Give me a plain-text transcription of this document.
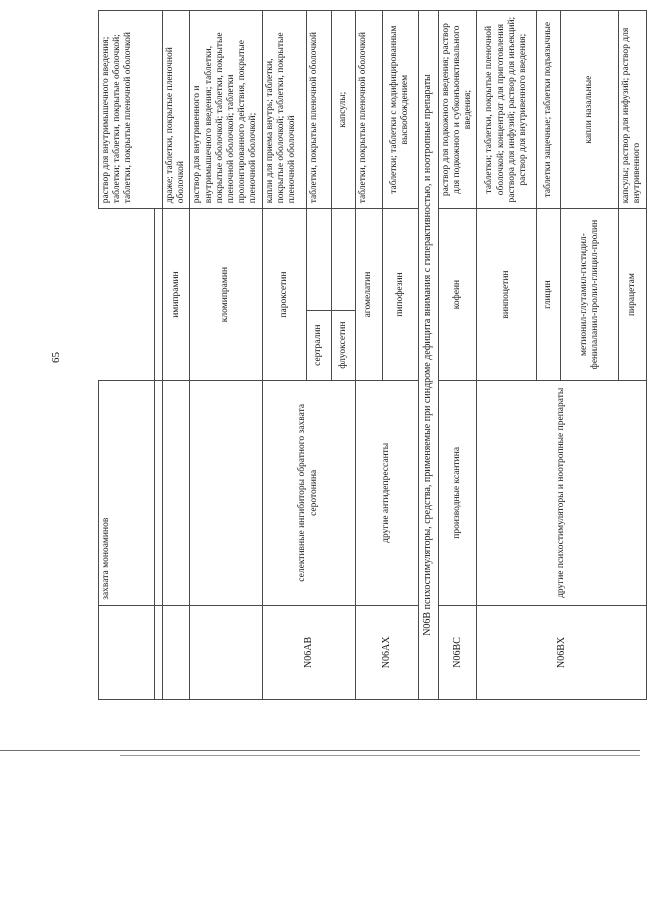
65
	захвата моноаминов			раствор для внутримышечного введения; таблетки; таблетки, покрытые оболочкой; таблетки, покрытые пленочной оболочкой

		имипрамин		драже; таблетки, покрытые пленочной оболочкой
		кломипрамин		раствор для внутривенного и внутримышечного введения; таблетки, покрытые оболочкой; таблетки, покрытые пленочной оболочкой; таблетки пролонгированного действия, покрытые пленочной оболочкой;
N06AB	селективные ингибиторы обратного захвата серотонина	пароксетин		капли для приема внутрь; таблетки, покрытые оболочкой; таблетки, покрытые пленочной оболочкой
		сертралин		таблетки, покрытые пленочной оболочкой
		флуоксетин		капсулы;
N06AX	другие антидепрессанты	агомелатин		таблетки, покрытые пленочной оболочкой
		пипофезин		таблетки; таблетки с модифицированным высвобождением
N06B психостимуляторы, средства, применяемые при синдроме дефицита внимания с гиперактивностью, и ноотропные препараты				
N06BC	производные ксантина	кофеин		раствор для подкожного введения; раствор для подкожного и субконъюнктивального введения;
N06BX	другие психостимуляторы и ноотропные препараты	винпоцетин		таблетки; таблетки, покрытые пленочной оболочкой; концентрат для приготовления раствора для инфузий; раствор для инъекций; раствор для внутривенного введения;
		глицин		таблетки защечные; таблетки подъязычные
		метионил-глутамил-гистидил-фенилаланил-пролил-глицил-пролин		капли назальные
		пирацетам		капсулы; раствор для инфузий; раствор для внутривенного
